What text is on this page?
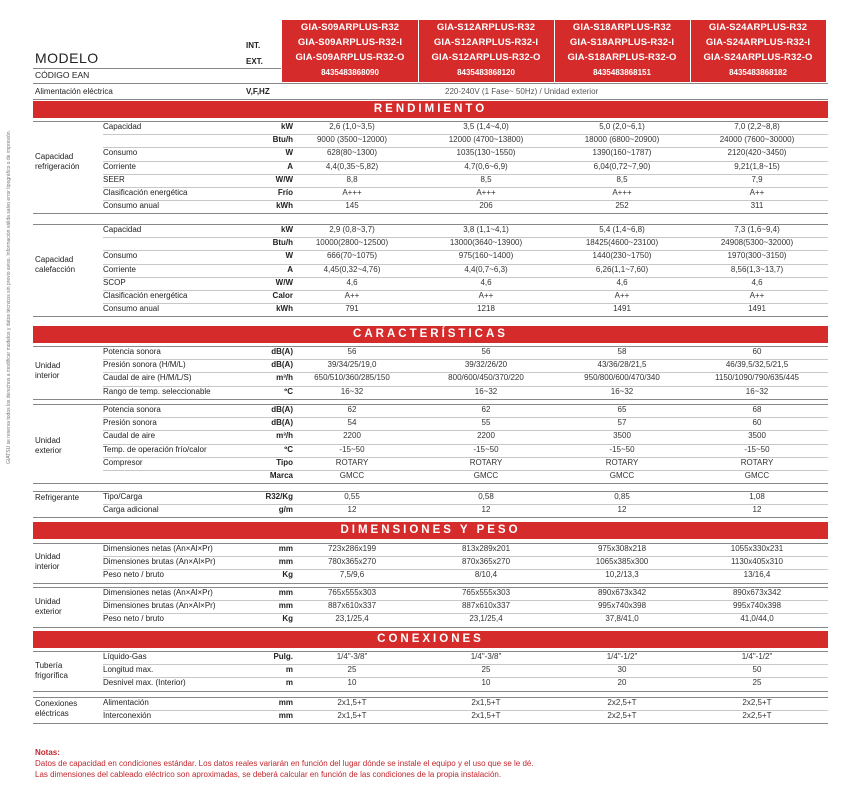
GIATSU se reserva todos los derechos a modificar modelos y datos técnicos sin previo aviso. Información válida salvo error tipográfico o de impresión.
GIA-S09ARPLUS-R32
GIA-S09ARPLUS-R32-I
GIA-S09ARPLUS-R32-O
8435483868090
GIA-S12ARPLUS-R32
GIA-S12ARPLUS-R32-I
GIA-S12ARPLUS-R32-O
8435483868120
GIA-S18ARPLUS-R32
GIA-S18ARPLUS-R32-I
GIA-S18ARPLUS-R32-O
8435483868151
GIA-S24ARPLUS-R32
GIA-S24ARPLUS-R32-I
GIA-S24ARPLUS-R32-O
8435483868182
MODELO
INT.
EXT.
CÓDIGO EAN
Alimentación eléctrica	V,F,HZ	220-240V (1 Fase~ 50Hz) / Unidad exterior
RENDIMIENTO
CARACTERÍSTICAS
DIMENSIONES Y PESO
CONEXIONES
Capacidad	kW	2,6 (1,0~3,5)	3,5 (1,4~4,0)	5,0 (2,0~6,1)	7,0 (2,2~8,8)
Btu/h	9000 (3500~12000)	12000 (4700~13800)	18000 (6800~20900)	24000 (7600~30000)
Consumo	W	628(80~1300)	1035(130~1550)	1390(160~1787)	2120(420~3450)
Corriente	A	4,4(0,35~5,82)	4,7(0,6~6,9)	6,04(0,72~7,90)	9,21(1,8~15)
SEER	W/W	8,8	8,5	8,5	7,9
Clasificación energética	Frío	A+++	A+++	A+++	A++
Consumo anual	kWh	145	206	252	311
Capacidad	kW	2,9 (0,8~3,7)	3,8 (1,1~4,1)	5,4 (1,4~6,8)	7,3 (1,6~9,4)
Btu/h	10000(2800~12500)	13000(3640~13900)	18425(4600~23100)	24908(5300~32000)
Consumo	W	666(70~1075)	975(160~1400)	1440(230~1750)	1970(300~3150)
Corriente	A	4,45(0,32~4,76)	4,4(0,7~6,3)	6,26(1,1~7,60)	8,56(1,3~13,7)
SCOP	W/W	4,6	4,6	4,6	4,6
Clasificación energética	Calor	A++	A++	A++	A++
Consumo anual	kWh	791	1218	1491	1491
Potencia sonora	dB(A)	56	56	58	60
Presión sonora (H/M/L)	dB(A)	39/34/25/19,0	39/32/26/20	43/36/28/21,5	46/39,5/32,5/21,5
Caudal de aire (H/M/L/S)	m³/h	650/510/360/285/150	800/600/450/370/220	950/800/600/470/340	1150/1090/790/635/445
Rango de temp. seleccionable	ºC	16~32	16~32	16~32	16~32
Potencia sonora	dB(A)	62	62	65	68
Presión sonora	dB(A)	54	55	57	60
Caudal de aire	m³/h	2200	2200	3500	3500
Temp. de operación frío/calor	ºC	-15~50	-15~50	-15~50	-15~50
Compresor	Tipo	ROTARY	ROTARY	ROTARY	ROTARY
Marca	GMCC	GMCC	GMCC	GMCC
Tipo/Carga	R32/Kg	0,55	0,58	0,85	1,08
Carga adicional	g/m	12	12	12	12
Dimensiones netas (An×Al×Pr)	mm	723x286x199	813x289x201	975x308x218	1055x330x231
Dimensiones brutas (An×Al×Pr)	mm	780x365x270	870x365x270	1065x385x300	1130x405x310
Peso neto / bruto	Kg	7,5/9,6	8/10,4	10,2/13,3	13/16,4
Dimensiones netas (An×Al×Pr)	mm	765x555x303	765x555x303	890x673x342	890x673x342
Dimensiones brutas (An×Al×Pr)	mm	887x610x337	887x610x337	995x740x398	995x740x398
Peso neto / bruto	Kg	23,1/25,4	23,1/25,4	37,8/41,0	41,0/44,0
Líquido-Gas	Pulg.	1/4"-3/8"	1/4"-3/8"	1/4"-1/2"	1/4"-1/2"
Longitud max.	m	25	25	30	50
Desnivel max. (Interior)	m	10	10	20	25
Alimentación	mm	2x1,5+T	2x1,5+T	2x2,5+T	2x2,5+T
Interconexión	mm	2x1,5+T	2x1,5+T	2x2,5+T	2x2,5+T
Capacidad
refrigeración
Capacidad
calefacción
Unidad
interior
Unidad
exterior
Refrigerante
Unidad
interior
Unidad
exterior
Tubería
frigorífica
Conexiones
eléctricas
Notas:
Datos de capacidad en condiciones estándar. Los datos reales variarán en función del lugar dónde se instale el equipo y el uso que se le dé.
Las dimensiones del cableado eléctrico son aproximadas, se deberá calcular en función de las condiciones de la propia instalación.
